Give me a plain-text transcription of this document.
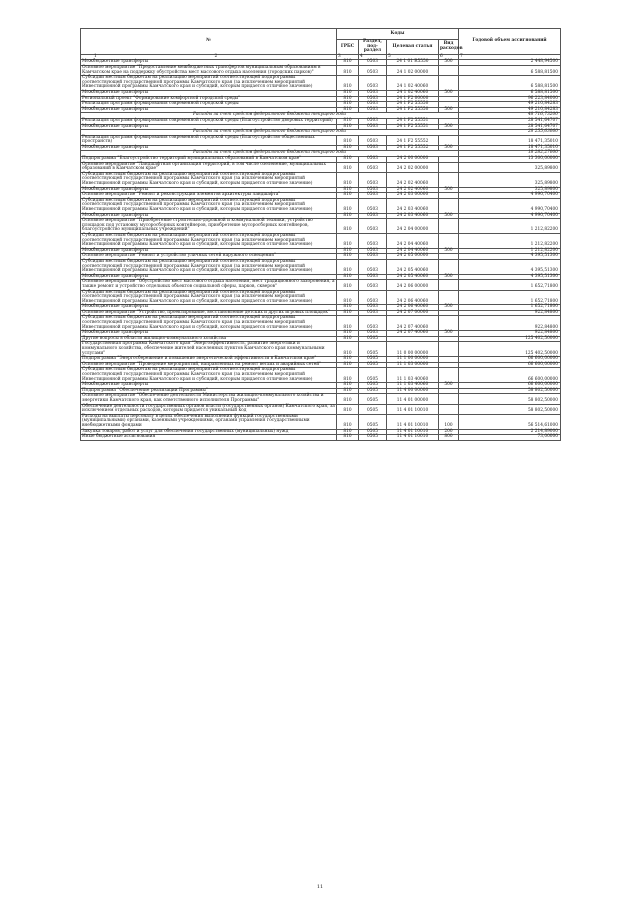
№	Коды				Годовой объем ассигнований
	ГРБС	Раздел, под-раздел	Целевая статья	Вид расходов	

1 2	3	4	5	6	7
Межбюджетные трансферты	810	0503	24 1 01 R5550	500	2 448,94500
Основное мероприятие "Предоставление межбюджетных трансфертов муниципальным образованиям в Камчатском крае на поддержку обустройства мест массового отдыха населения (городских парков)"	810	0503	24 1 02 00000		6 588,81500
Субсидии местным бюджетам на реализацию мероприятий соответствующей подпрограммы соответствующей государственной программы Камчатского края (за исключением мероприятий Инвестиционной программы Камчатского края и субсидий, которым придается отличное значение)	810	0503	24 1 02 40060		6 588,81500
Межбюджетные трансферты	810	0503	24 1 02 40060	500	6 588,81500
Региональный проект "Формирование комфортной городской среды"	810	0503	24 1 F2 00000		96 223,84000
Реализация программ формирования современной городской среды	810	0503	24 1 F2 55550		49 210,84283
Межбюджетные трансферты	810	0503	24 1 F2 55550	500	49 210,84283
Расходы за счет средств федерального бюджета текущего года					48 716,73200
Реализация программ формирования современной городской среды (Благоустройство дворовых территорий)	810	0503	24 1 F2 55551		28 541,64707
Межбюджетные трансферты	810	0503	24 1 F2 55551	500	28 541,64707
Расходы за счет средств федерального бюджета текущего года					28 255,63060
Реализация программ формирования современной городской среды (Благоустройство общественных пространств)	810	0503	24 1 F2 55552		18 471,35010
Межбюджетные трансферты	810	0503	24 1 F2 55552	500	18 471,35010
Расходы за счет средств федерального бюджета текущего года					18 282,27000
Подпрограмма "Благоустройство территорий муниципальных образований в Камчатском крае"	810	0503	24 2 00 00000		13 300,00000
Основное мероприятие "Ландшафтная организация территорий, в том числе озеленение, муниципальных образований в Камчатском крае"	810	0503	24 2 02 00000		325,89800
Субсидии местным бюджетам на реализацию мероприятий соответствующей подпрограммы соответствующей государственной программы Камчатского края (за исключением мероприятий Инвестиционной программы Камчатского края и субсидий, которым придается отличное значение)	810	0503	24 2 02 40060		325,89800
Межбюджетные трансферты	810	0503	24 2 02 40060	500	325,89800
Основное мероприятие "Ремонт и реконструкция элементов архитектуры ландшафта"	810	0503	24 2 03 00000		4 990,70400
Субсидии местным бюджетам на реализацию мероприятий соответствующей подпрограммы соответствующей государственной программы Камчатского края (за исключением мероприятий Инвестиционной программы Камчатского края и субсидий, которым придается отличное значение)	810	0503	24 2 03 40060		4 990,70400
Межбюджетные трансферты	810	0503	24 2 03 40060	500	4 990,70400
Основное мероприятие "Приобретение строительно-дорожной и коммунальной техники, устройство площадок под установку мусоросборных контейнеров, приобретение мусоросборных контейнеров, благоустройство муниципальных учреждений"	810	0503	24 2 04 00000		1 212,82200
Субсидии местным бюджетам на реализацию мероприятий соответствующей подпрограммы соответствующей государственной программы Камчатского края (за исключением мероприятий Инвестиционной программы Камчатского края и субсидий, которым придается отличное значение)	810	0503	24 2 04 40060		1 212,82200
Межбюджетные трансферты	810	0503	24 2 04 40060	500	1 212,82200
Основное мероприятие "Ремонт и устройство уличных сетей наружного освещения"	810	0503	24 2 05 00000		4 395,51300
Субсидии местным бюджетам на реализацию мероприятий соответствующей подпрограммы соответствующей государственной программы Камчатского края (за исключением мероприятий Инвестиционной программы Камчатского края и субсидий, которым придается отличное значение)	810	0503	24 2 05 40060		4 395,51300
Межбюджетные трансферты	810	0503	24 2 05 40060	500	4 395,51300
Основное мероприятие "Обустройство мест массового отдыха населения, мест традиционного захоронения, а также ремонт и устройство отдельных объектов социальной сферы, парков, скверов"	810	0503	24 2 06 00000		1 652,71800
Субсидии местным бюджетам на реализацию мероприятий соответствующей подпрограммы соответствующей государственной программы Камчатского края (за исключением мероприятий Инвестиционной программы Камчатского края и субсидий, которым придается отличное значение)	810	0503	24 2 06 40060		1 652,71800
Межбюджетные трансферты	810	0503	24 2 06 40060	500	1 652,71800
Основное мероприятие "Устройство, проектирование, восстановление детских и других игровых площадок"	810	0503	24 2 07 00000		922,84800
Субсидии местным бюджетам на реализацию мероприятий соответствующей подпрограммы соответствующей государственной программы Камчатского края (за исключением мероприятий Инвестиционной программы Камчатского края и субсидий, которым придается отличное значение)	810	0503	24 2 07 40060		922,84800
Межбюджетные трансферты	810	0503	24 2 07 40060	500	922,84800
Другие вопросы в области жилищно-коммунального хозяйства	810	0505			125 402,50000
Государственная программа Камчатского края "Энергоэффективность, развитие энергетики и коммунального хозяйства, обеспечение жителей населенных пунктов Камчатского края коммунальными услугами"	810	0505	11 0 00 00000		125 402,50000
Подпрограмма "Энергосбережение и повышение энергетической эффективности в Камчатском крае"	810	0505	11 1 00 00000		66 600,00000
Основное мероприятие "Проведение мероприятий, направленных на ремонт ветхих и аварийных сетей"	810	0505	11 1 03 00000		66 600,00000
Субсидии местным бюджетам на реализацию мероприятий соответствующей подпрограммы соответствующей государственной программы Камчатского края (за исключением мероприятий Инвестиционной программы Камчатского края и субсидий, которым придается отличное значение)	810	0505	11 1 03 40060		66 600,00000
Межбюджетные трансферты	810	0505	11 1 03 40060	500	66 600,00000
Подпрограмма "Обеспечение реализации Программы"	810	0505	11 4 00 00000		58 802,50000
Основное мероприятие "Обеспечение деятельности Министерства жилищно-коммунального хозяйства и энергетики Камчатского края, как ответственного исполнителя Программы"	810	0505	11 4 01 00000		58 802,50000
Обеспечение деятельности государственных органов власти (государственных органов) Камчатского края, за исключением отдельных расходов, которым придается уникальный код	810	0505	11 4 01 10010		58 802,50000
Расходы на выплаты персоналу в целях обеспечения выполнения функций государственными (муниципальными) органами, казенными учреждениями, органами управления государственными внебюджетными фондами	810	0505	11 4 01 10010	100	56 514,61000
Закупка товаров, работ и услуг для обеспечения государственных (муниципальных) нужд	810	0505	11 4 01 10010	200	2 214,89000
Иные бюджетные ассигнования	810	0505	11 4 01 10010	800	73,00000
11
